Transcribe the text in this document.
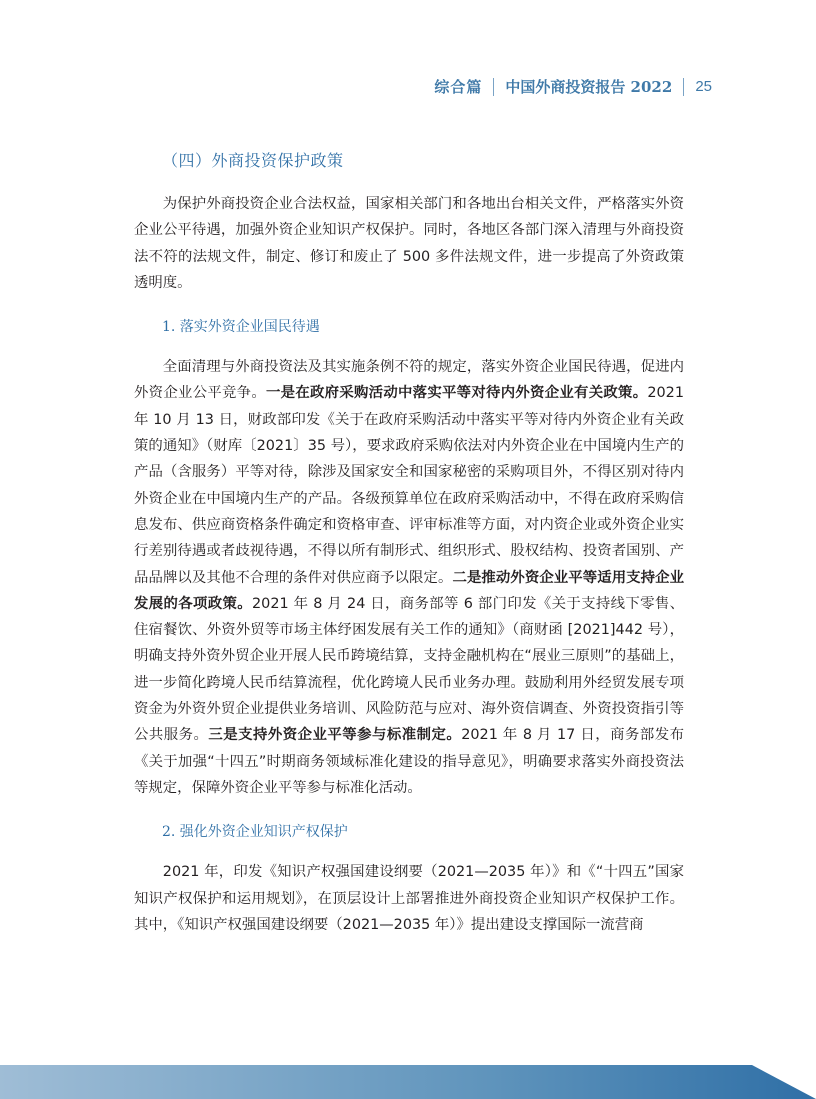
综合篇 中国外商投资报告 2022 25
（四）外商投资保护政策

为保护外商投资企业合法权益，国家相关部门和各地出台相关文件，严格落实外资企业公平待遇，加强外资企业知识产权保护。同时，各地区各部门深入清理与外商投资法不符的法规文件，制定、修订和废止了 500 多件法规文件，进一步提高了外资政策透明度。

1. 落实外资企业国民待遇

全面清理与外商投资法及其实施条例不符的规定，落实外资企业国民待遇，促进内外资企业公平竞争。一是在政府采购活动中落实平等对待内外资企业有关政策。2021 年 10 月 13 日，财政部印发《关于在政府采购活动中落实平等对待内外资企业有关政策的通知》（财库〔2021〕35 号），要求政府采购依法对内外资企业在中国境内生产的产品（含服务）平等对待，除涉及国家安全和国家秘密的采购项目外，不得区别对待内外资企业在中国境内生产的产品。各级预算单位在政府采购活动中，不得在政府采购信息发布、供应商资格条件确定和资格审查、评审标准等方面，对内资企业或外资企业实行差别待遇或者歧视待遇，不得以所有制形式、组织形式、股权结构、投资者国别、产品品牌以及其他不合理的条件对供应商予以限定。二是推动外资企业平等适用支持企业发展的各项政策。2021 年 8 月 24 日，商务部等 6 部门印发《关于支持线下零售、住宿餐饮、外资外贸等市场主体纾困发展有关工作的通知》（商财函 [2021]442 号），明确支持外资外贸企业开展人民币跨境结算，支持金融机构在“展业三原则”的基础上，进一步简化跨境人民币结算流程，优化跨境人民币业务办理。鼓励利用外经贸发展专项资金为外资外贸企业提供业务培训、风险防范与应对、海外资信调查、外资投资指引等公共服务。三是支持外资企业平等参与标准制定。2021 年 8 月 17 日，商务部发布《关于加强“十四五”时期商务领域标准化建设的指导意见》，明确要求落实外商投资法等规定，保障外资企业平等参与标准化活动。

2. 强化外资企业知识产权保护

2021 年，印发《知识产权强国建设纲要（2021—2035 年）》和《“十四五”国家知识产权保护和运用规划》，在顶层设计上部署推进外商投资企业知识产权保护工作。其中，《知识产权强国建设纲要（2021—2035 年）》提出建设支撑国际一流营商
